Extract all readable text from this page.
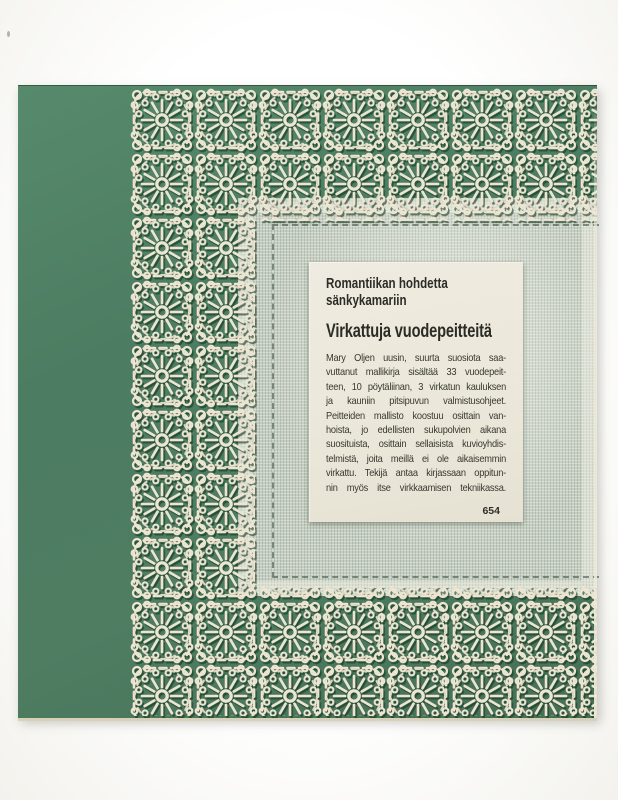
Romantiikan hohdetta
sänkykamariin
Virkattuja vuodepeitteitä
Mary Oljen uusin, suurta suosiota saa-
vuttanut mallikirja sisältää 33 vuodepeit-
teen, 10 pöytäliinan, 3 virkatun kauluksen
ja kauniin pitsipuvun valmistusohjeet.
Peitteiden mallisto koostuu osittain van-
hoista, jo edellisten sukupolvien aikana
suosituista, osittain sellaisista kuvioyhdis-
telmistä, joita meillä ei ole aikaisemmin
virkattu. Tekijä antaa kirjassaan oppitun-
nin myös itse virkkaamisen tekniikassa.
654
